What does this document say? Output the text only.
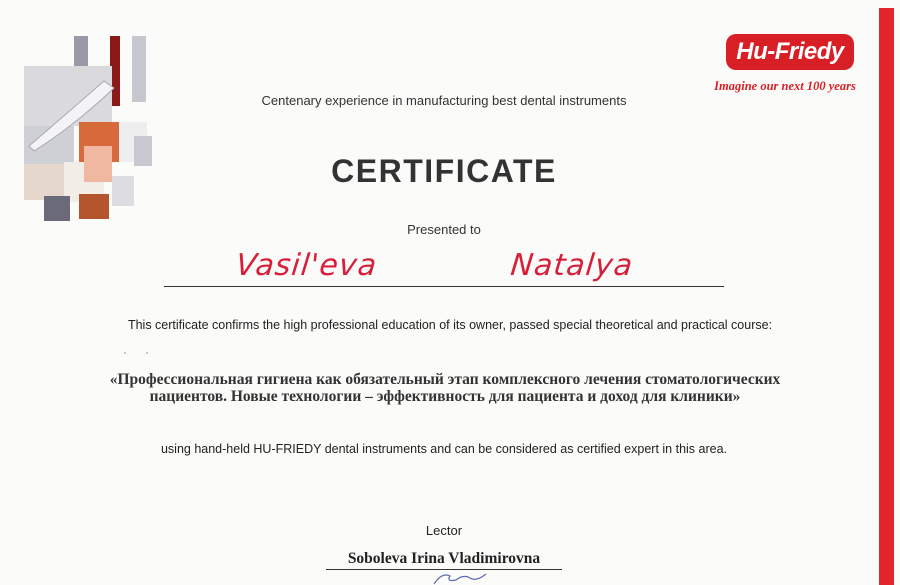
Hu-Friedy
Imagine our next 100 years
Centenary experience in manufacturing best dental instruments
CERTIFICATE
Presented to
Vasil'eva   Natalya
This certificate confirms the high professional education of its owner, passed special theoretical and practical course:
«Профессиональная гигиена как обязательный этап комплексного лечения стоматологических пациентов. Новые технологии – эффективность для пациента и доход для клиники»
using hand-held HU-FRIEDY dental instruments and can be considered as certified expert in this area.
Lector
Soboleva Irina Vladimirovna
